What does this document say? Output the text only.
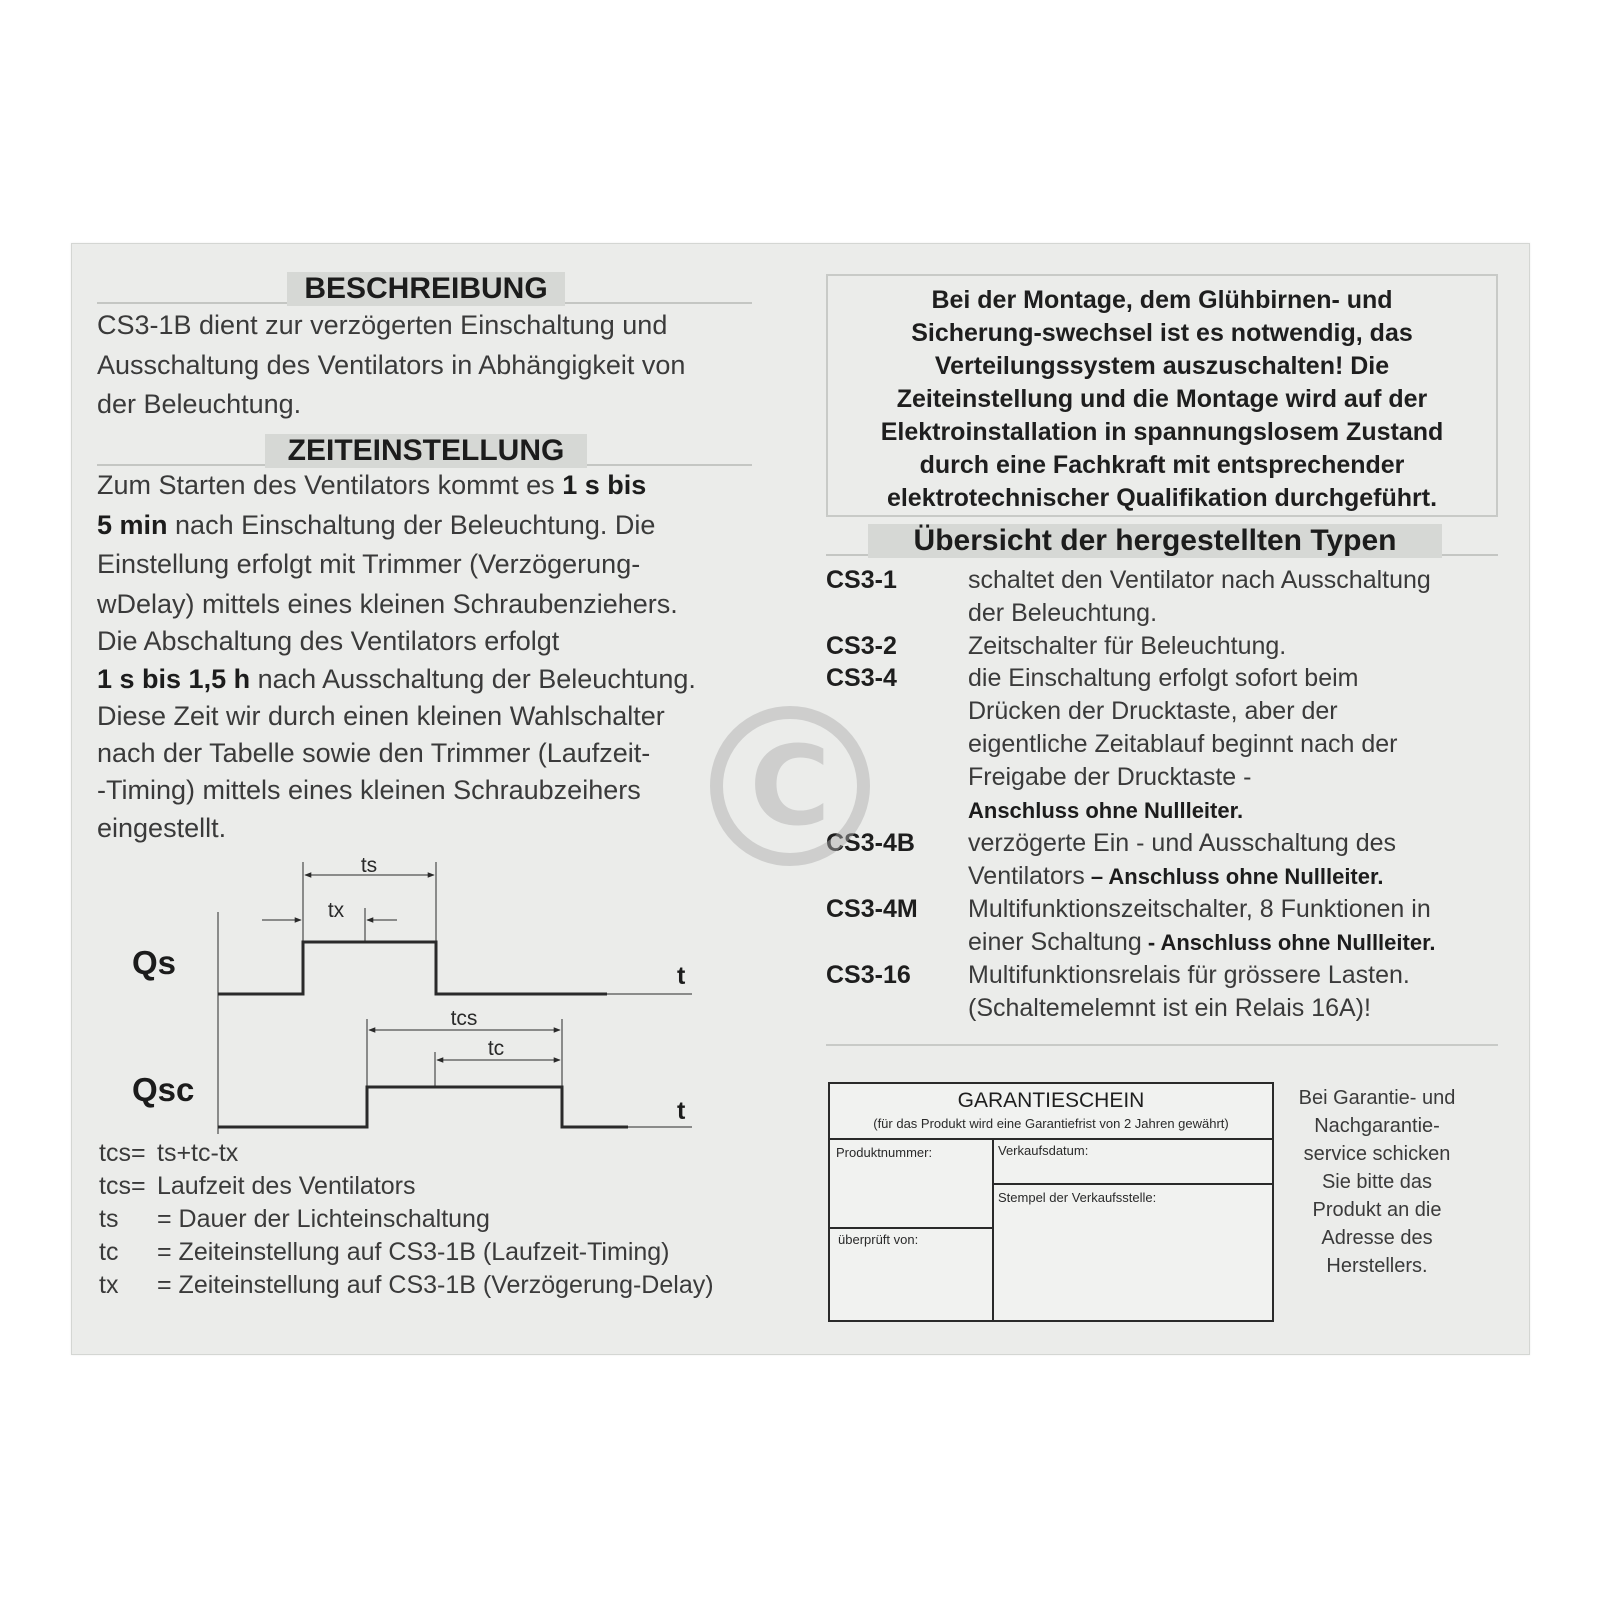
BESCHREIBUNG
CS3-1B dient zur verzögerten Einschaltung und
Ausschaltung des Ventilators in Abhängigkeit von
der Beleuchtung.
ZEITEINSTELLUNG
Zum Starten des Ventilators kommt es 1 s bis
5 min nach Einschaltung der Beleuchtung. Die
Einstellung erfolgt mit Trimmer (Verzögerung-
wDelay) mittels eines kleinen Schraubenziehers.
Die Abschaltung des Ventilators erfolgt
1 s bis 1,5 h nach Ausschaltung der Beleuchtung.
Diese Zeit wir durch einen kleinen Wahlschalter
nach der Tabelle sowie den Trimmer (Laufzeit-
-Timing) mittels eines kleinen Schraubzeihers
eingestellt.
ts
tx
Qs	t
tcs
tc
Qsc
t
tcs= ts+tc-tx
tcs= Laufzeit des Ventilators
ts = Dauer der Lichteinschaltung
tc = Zeiteinstellung auf CS3-1B (Laufzeit-Timing)
tx = Zeiteinstellung auf CS3-1B (Verzögerung-Delay)
Bei der Montage, dem Glühbirnen- und
Sicherung-swechsel ist es notwendig, das
Verteilungssystem auszuschalten! Die
Zeiteinstellung und die Montage wird auf der
Elektroinstallation in spannungslosem Zustand
durch eine Fachkraft mit entsprechender
elektrotechnischer Qualifikation durchgeführt.
Übersicht der hergestellten Typen
CS3-1	schaltet den Ventilator nach Ausschaltung
der Beleuchtung.
CS3-2	Zeitschalter für Beleuchtung.
CS3-4	die Einschaltung erfolgt sofort beim
Drücken der Drucktaste, aber der
eigentliche Zeitablauf beginnt nach der
Freigabe der Drucktaste -
Anschluss ohne Nullleiter.
CS3-4B verzögerte Ein - und Ausschaltung des
Ventilators – Anschluss ohne Nullleiter.
CS3-4M Multifunktionszeitschalter, 8 Funktionen in
einer Schaltung - Anschluss ohne Nullleiter.
CS3-16 Multifunktionsrelais für grössere Lasten.
(Schaltemelemnt ist ein Relais 16A)!
GARANTIESCHEIN
(für das Produkt wird eine Garantiefrist von 2 Jahren gewährt)
Produktnummer:	Verkaufsdatum:
Stempel der Verkaufsstelle:
überprüft von:
Bei Garantie- und
Nachgarantie-
service schicken
Sie bitte das
Produkt an die
Adresse des
Herstellers.
C
